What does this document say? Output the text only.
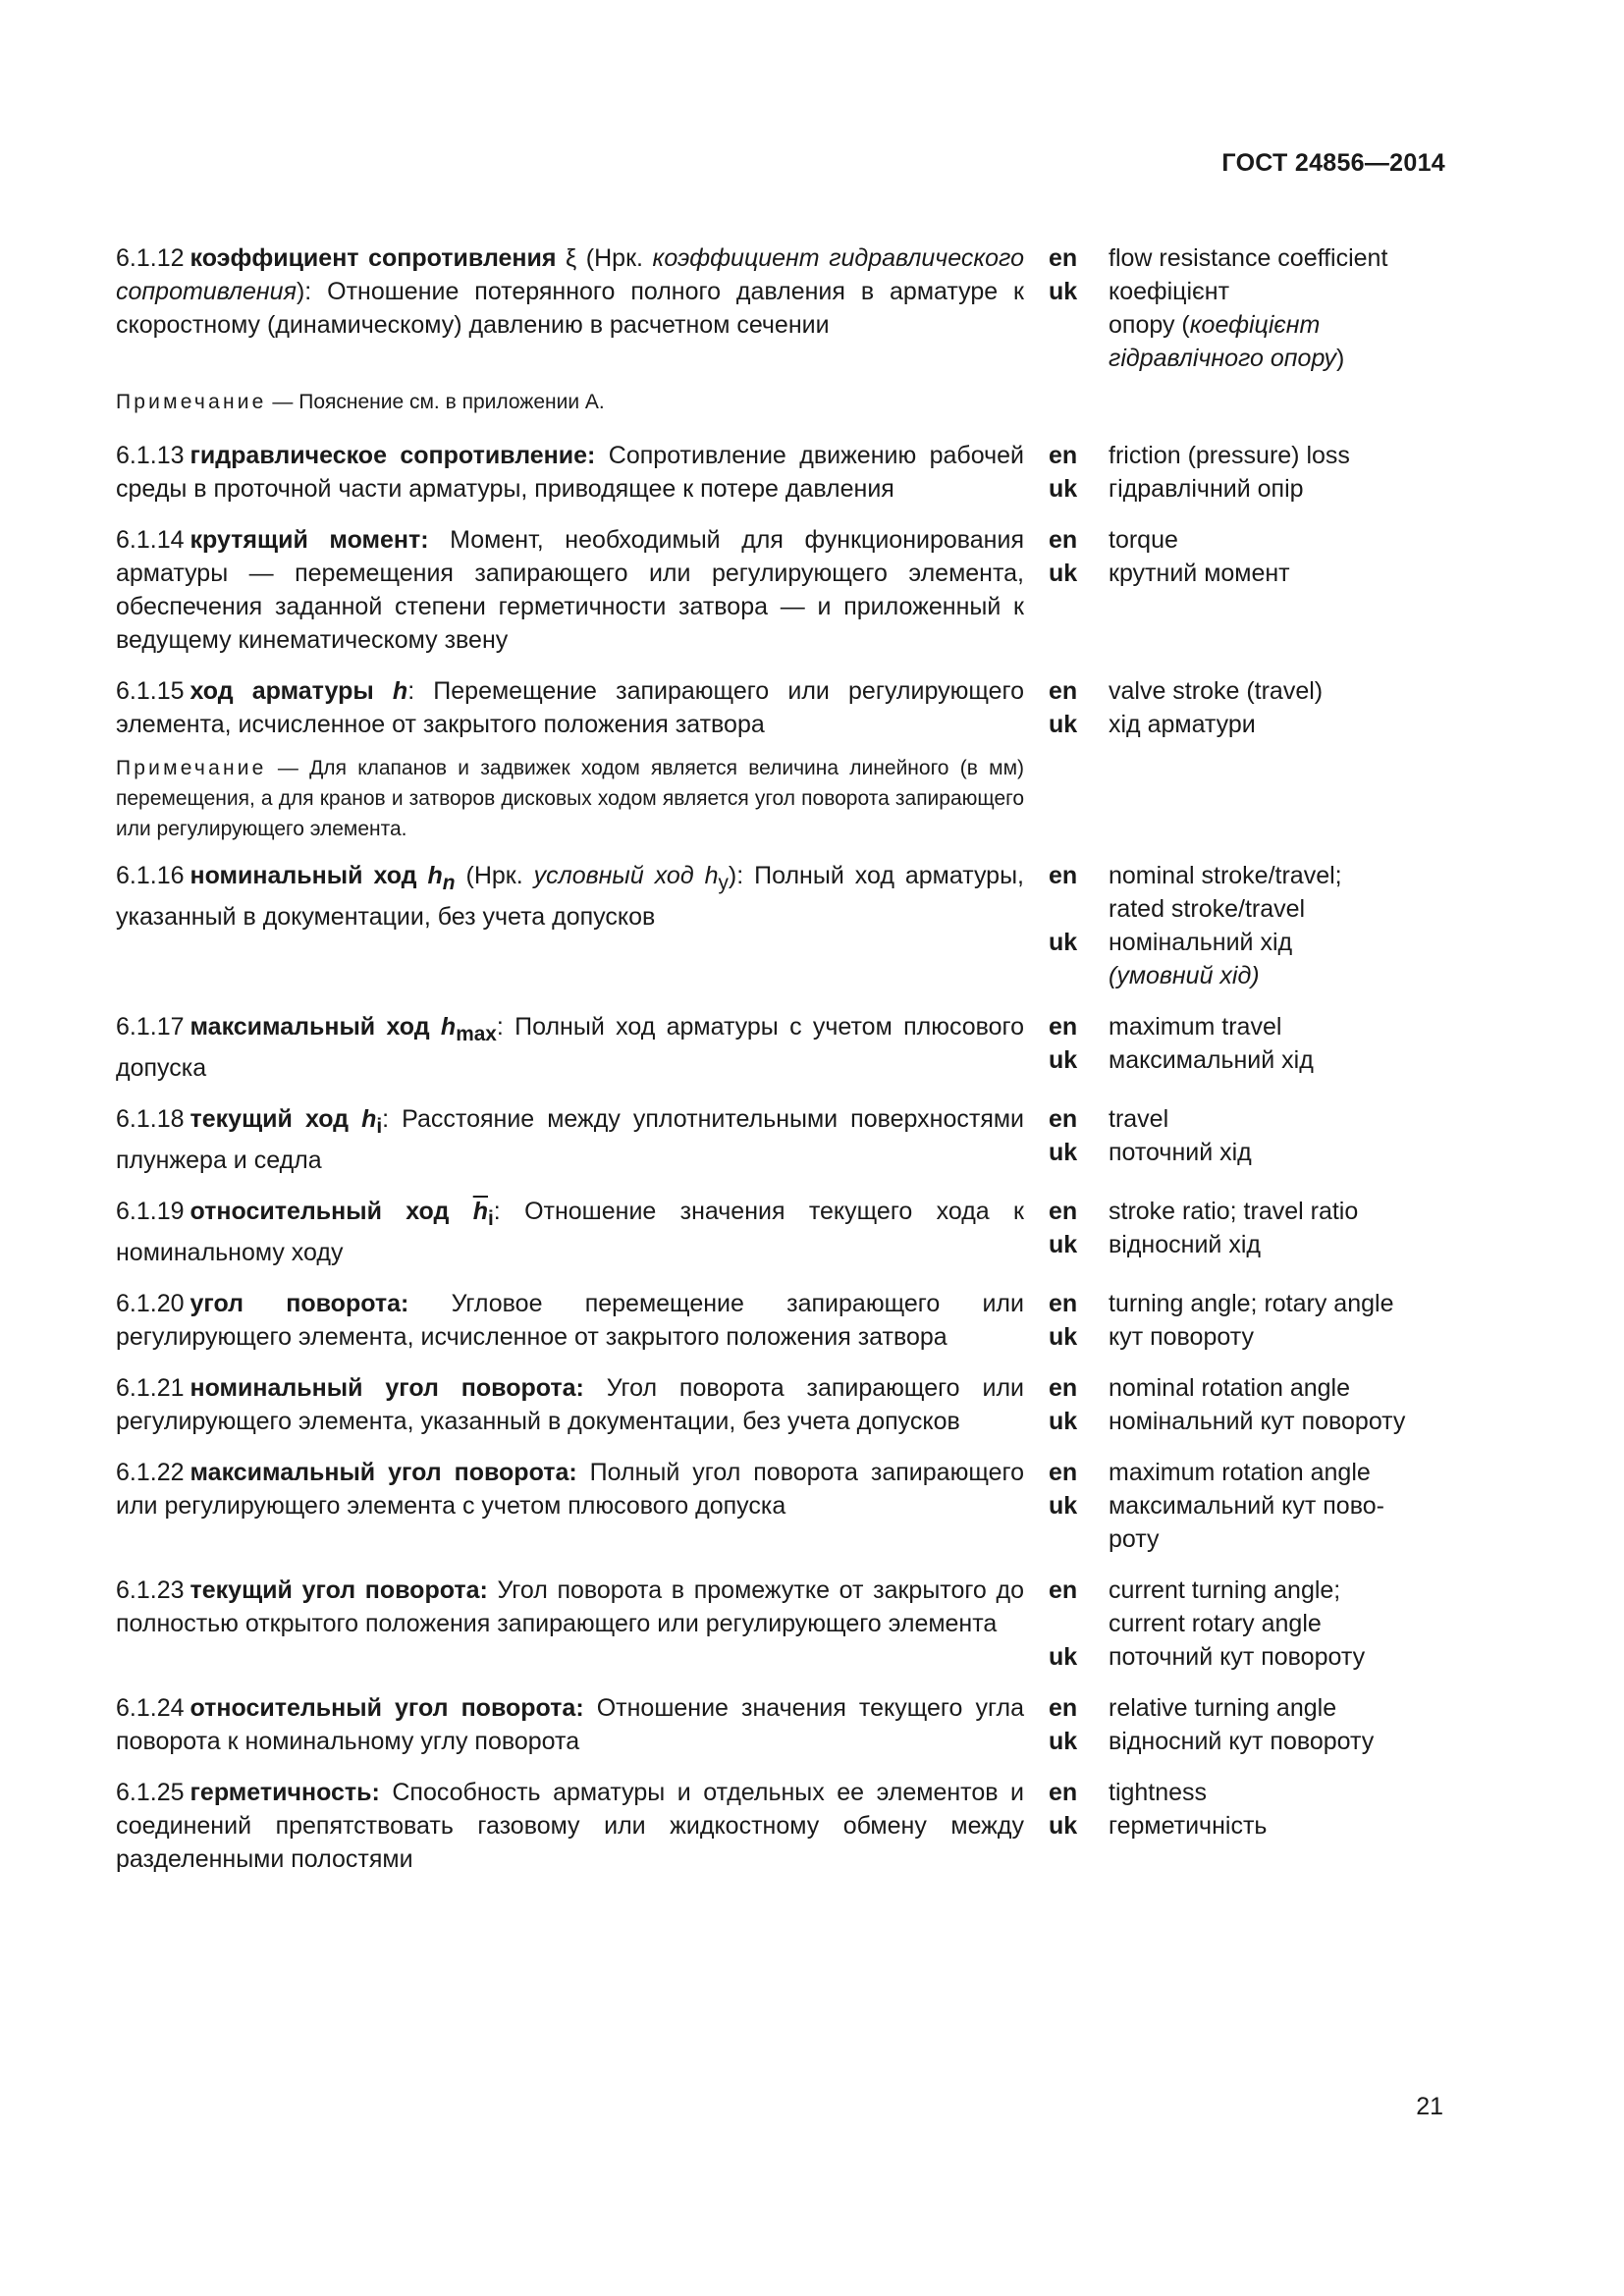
ГОСТ 24856—2014
6.1.12 коэффициент сопротивления ξ (Нрк. коэффициент гидравлического сопротивления): Отношение потерянного полного давления в арматуре к скоростному (динамическому) давлению в расчетном сечении
en	flow resistance coefficient
uk	коефіцієнт
опору (коефіцієнт гідравлічного опору)
Примечание — Пояснение см. в приложении А.
6.1.13 гидравлическое сопротивление: Сопротивление движению рабочей среды в проточной части арматуры, приводящее к потере давления
en	friction (pressure) loss
uk	гідравлічний опір
6.1.14 крутящий момент: Момент, необходимый для функционирования арматуры — перемещения запирающего или регулирующего элемента, обеспечения заданной степени герметичности затвора — и приложенный к ведущему кинематическому звену
en	torque
uk	крутний момент
6.1.15 ход арматуры h: Перемещение запирающего или регулирующего элемента, исчисленное от закрытого положения затвора
en	valve stroke (travel)
uk	хід арматури
Примечание — Для клапанов и задвижек ходом является величина линейного (в мм) перемещения, а для кранов и затворов дисковых ходом является угол поворота запирающего или регулирующего элемента.
6.1.16 номинальный ход $h_n$ (Нрк. условный ход $h_y$): Полный ход арматуры, указанный в документации, без учета допусков
en	nominal stroke/travel;
rated stroke/travel
uk	номінальний хід
(умовний хід)
6.1.17 максимальный ход $h_{max}$: Полный ход арматуры с учетом плюсового допуска
en	maximum travel
uk	максимальний хід
6.1.18 текущий ход $h_i$: Расстояние между уплотнительными поверхностями плунжера и седла
en	travel
uk	поточний хід
6.1.19 относительный ход $\overline{h}_i$: Отношение значения текущего хода к номинальному ходу
en	stroke ratio; travel ratio
uk	відносний хід
6.1.20 угол поворота: Угловое перемещение запирающего или регулирующего элемента, исчисленное от закрытого положения затвора
en	turning angle; rotary angle
uk	кут повороту
6.1.21 номинальный угол поворота: Угол поворота запирающего или регулирующего элемента, указанный в документации, без учета допусков
en	nominal rotation angle
uk	номінальний кут повороту
6.1.22 максимальный угол поворота: Полный угол поворота запирающего или регулирующего элемента с учетом плюсового допуска
en	maximum rotation angle
uk	максимальний кут пово-
роту
6.1.23 текущий угол поворота: Угол поворота в промежутке от закрытого до полностью открытого положения запирающего или регулирующего элемента
en	current turning angle;
current rotary angle
uk	поточний кут повороту
6.1.24 относительный угол поворота: Отношение значения текущего угла поворота к номинальному углу поворота
en	relative turning angle
uk	відносний кут повороту
6.1.25 герметичность: Способность арматуры и отдельных ее элементов и соединений препятствовать газовому или жидкостному обмену между разделенными полостями
en	tightness
uk	герметичність
21
